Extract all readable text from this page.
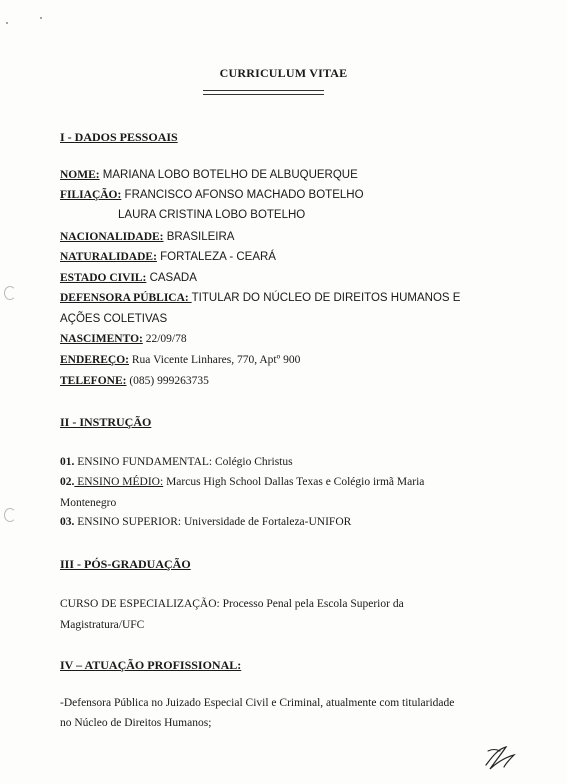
CURRICULUM VITAE
I - DADOS PESSOAIS
NOME: MARIANA LOBO BOTELHO DE ALBUQUERQUE
FILIAÇÃO: FRANCISCO AFONSO MACHADO BOTELHO
LAURA CRISTINA LOBO BOTELHO
NACIONALIDADE: BRASILEIRA
NATURALIDADE: FORTALEZA - CEARÁ
ESTADO CIVIL: CASADA
DEFENSORA PÚBLICA: TITULAR DO NÚCLEO DE DIREITOS HUMANOS E
AÇÕES COLETIVAS
NASCIMENTO: 22/09/78
ENDEREÇO: Rua Vicente Linhares, 770, Aptº 900
TELEFONE: (085) 999263735
II - INSTRUÇÃO
01. ENSINO FUNDAMENTAL: Colégio Christus
02. ENSINO MÉDIO: Marcus High School Dallas Texas e Colégio irmã Maria
Montenegro
03. ENSINO SUPERIOR: Universidade de Fortaleza-UNIFOR
III - PÓS-GRADUAÇÃO
CURSO DE ESPECIALIZAÇÃO: Processo Penal pela Escola Superior da
Magistratura/UFC
IV – ATUAÇÃO PROFISSIONAL:
-Defensora Pública no Juizado Especial Civil e Criminal, atualmente com titularidade
no Núcleo de Direitos Humanos;
